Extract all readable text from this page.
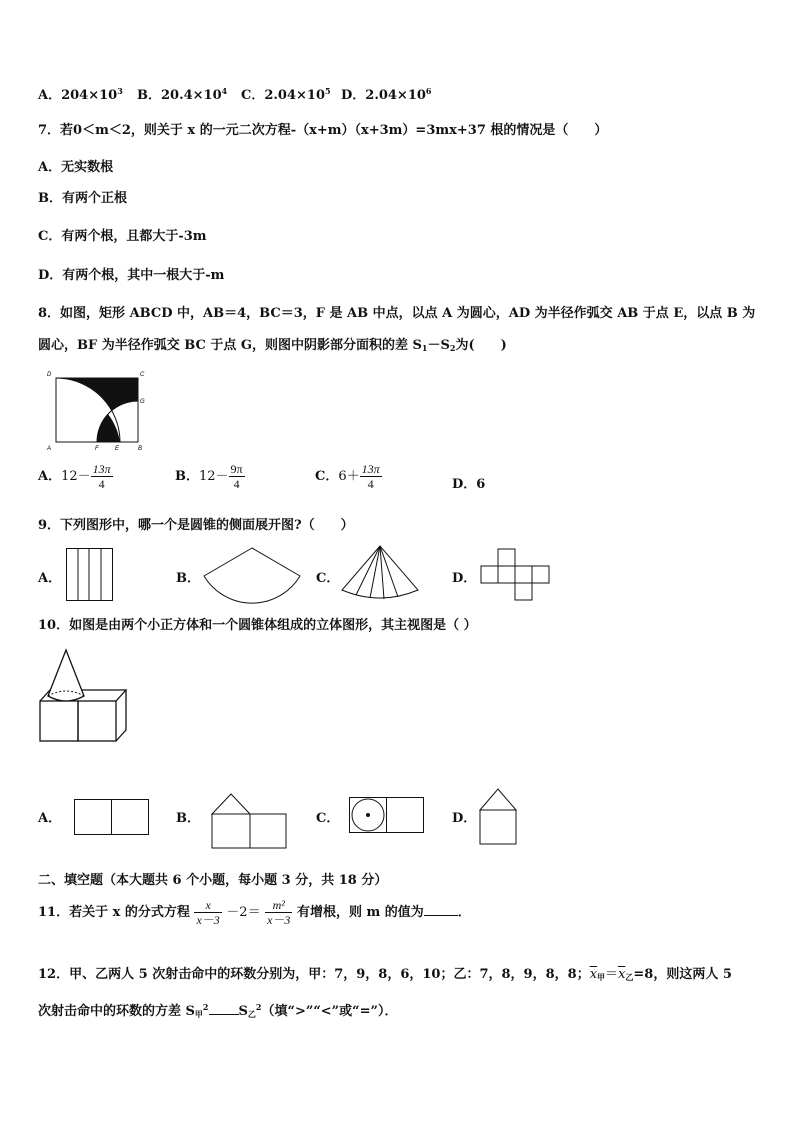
A．$204\times 10^3$ B．$20.4\times 10^4$ C．$2.04\times 10^5$ D．$2.04\times 10^6$
7．若0＜m＜2，则关于 x 的一元二次方程-（x+m）（x+3m）=3mx+37 根的情况是（　　）
A．无实数根
B．有两个正根
C．有两个根，且都大于-3m
D．有两个根，其中一根大于-m
8．如图，矩形 ABCD 中，AB＝4，BC＝3，F 是 AB 中点，以点 A 为圆心，AD 为半径作弧交 AB 于点 E，以点 B 为
圆心，BF 为半径作弧交 BC 于点 G，则图中阴影部分面积的差 $S_1-S_2$为(　　)
D	C
G
A	F	E	B
A．$12- \frac{13\pi}{4}$	B．$12- \frac{9\pi}{4}$	C．$6+ \frac{13\pi}{4}$	D．6
9．下列图形中，哪一个是圆锥的侧面展开图?（　　）
A．	B．	C．	D．
10．如图是由两个小正方体和一个圆锥体组成的立体图形，其主视图是（ ）
A．	B．	C．	D．
二、填空题（本大题共 6 个小题，每小题 3 分，共 18 分）
11．若关于 x 的分式方程 $\frac{x}{x-3} -2= \frac{\text{m²}}{x-3}$ 有增根，则 m 的值为	．
12．甲、乙两人 5 次射击命中的环数分别为，甲：7，9，8，6，10；乙：7，8，9，8，8；$\overline{x}_甲=\overline{x}_乙=8$，则这两人 5
次射击命中的环数的方差 $S_甲^2$ $S_乙^2$（填“>”“<”或“=”）．
